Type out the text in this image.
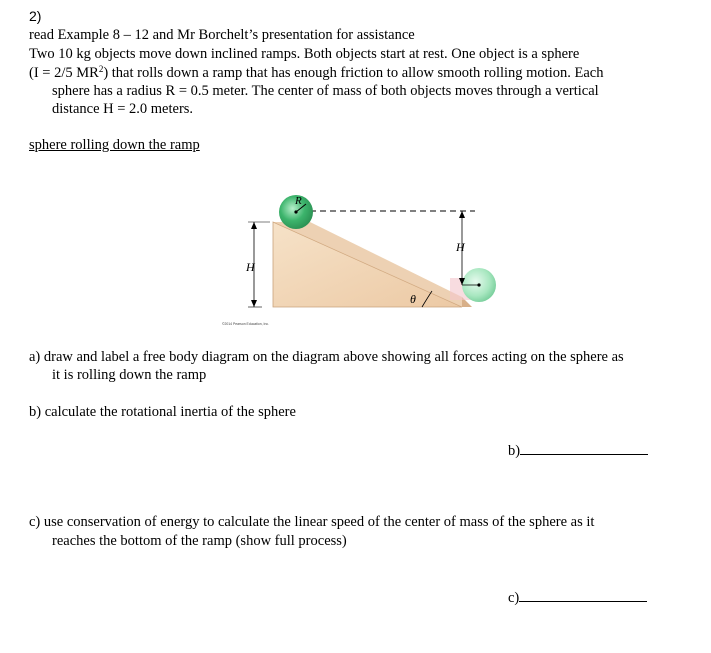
2)
read Example 8 – 12 and Mr Borchelt’s presentation for assistance
Two 10 kg objects move down inclined ramps. Both objects start at rest. One object is a sphere
(I = 2/5 $MR^2$) that rolls down a ramp that has enough friction to allow smooth rolling motion. Each
sphere has a radius R = 0.5 meter. The center of mass of both objects moves through a vertical
distance H = 2.0 meters.
sphere rolling down the ramp
R
H
H
θ
©2014 Pearson Education, Inc.
a) draw and label a free body diagram on the diagram above showing all forces acting on the sphere as
it is rolling down the ramp
b) calculate the rotational inertia of the sphere
b)
c) use conservation of energy to calculate the linear speed of the center of mass of the sphere as it
reaches the bottom of the ramp (show full process)
c)
